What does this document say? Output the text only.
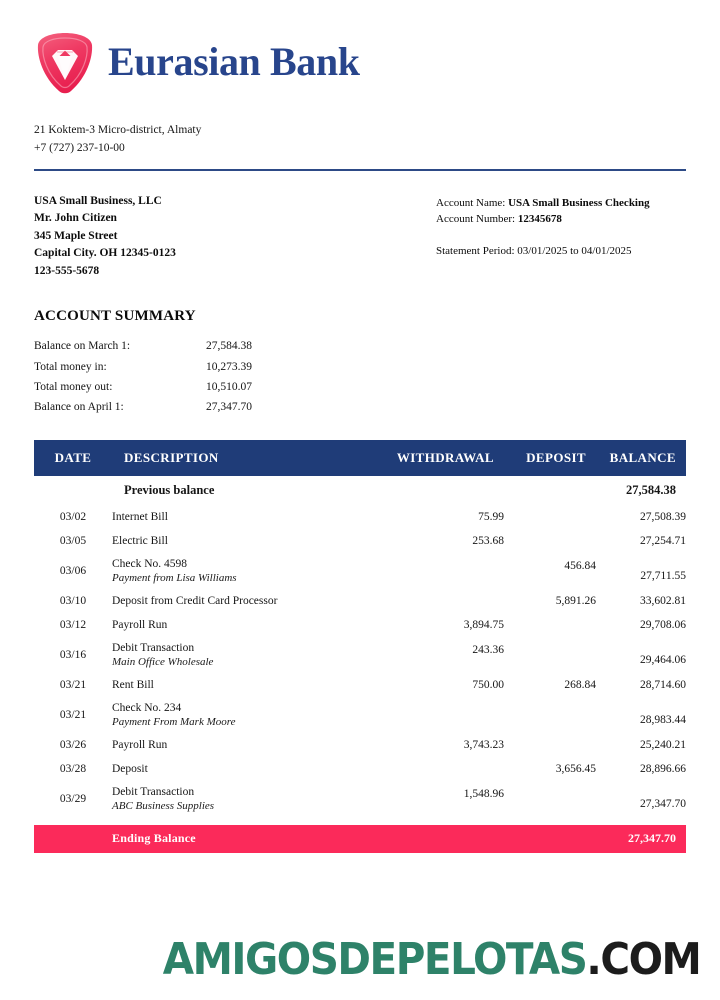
Eurasian Bank
21 Koktem-3 Micro-district, Almaty
+7 (727) 237-10-00
USA Small Business, LLC
Mr. John Citizen
345 Maple Street
Capital City. OH 12345-0123
123-555-5678
Account Name: USA Small Business Checking
Account Number: 12345678
Statement Period: 03/01/2025 to 04/01/2025
ACCOUNT SUMMARY
Balance on March 1:	27,584.38
Total money in:	10,273.39
Total money out:	10,510.07
Balance on April 1:	27,347.70
DATE	DESCRIPTION	WITHDRAWAL	DEPOSIT	BALANCE
	Previous balance			27,584.38
03/02	Internet Bill	75.99		27,508.39
03/05	Electric Bill	253.68		27,254.71
03/06	Check No. 4598
Payment from Lisa Williams		456.84	27,711.55
03/10	Deposit from Credit Card Processor		5,891.26	33,602.81
03/12	Payroll Run	3,894.75		29,708.06
03/16	Debit Transaction
Main Office Wholesale	243.36		29,464.06
03/21	Rent Bill	750.00	268.84	28,714.60
03/21	Check No. 234
Payment From Mark Moore			28,983.44
03/26	Payroll Run	3,743.23		25,240.21
03/28	Deposit		3,656.45	28,896.66
03/29	Debit Transaction
ABC Business Supplies	1,548.96		27,347.70
Ending Balance	27,347.70
AMIGOSDEPELOTAS.COM
